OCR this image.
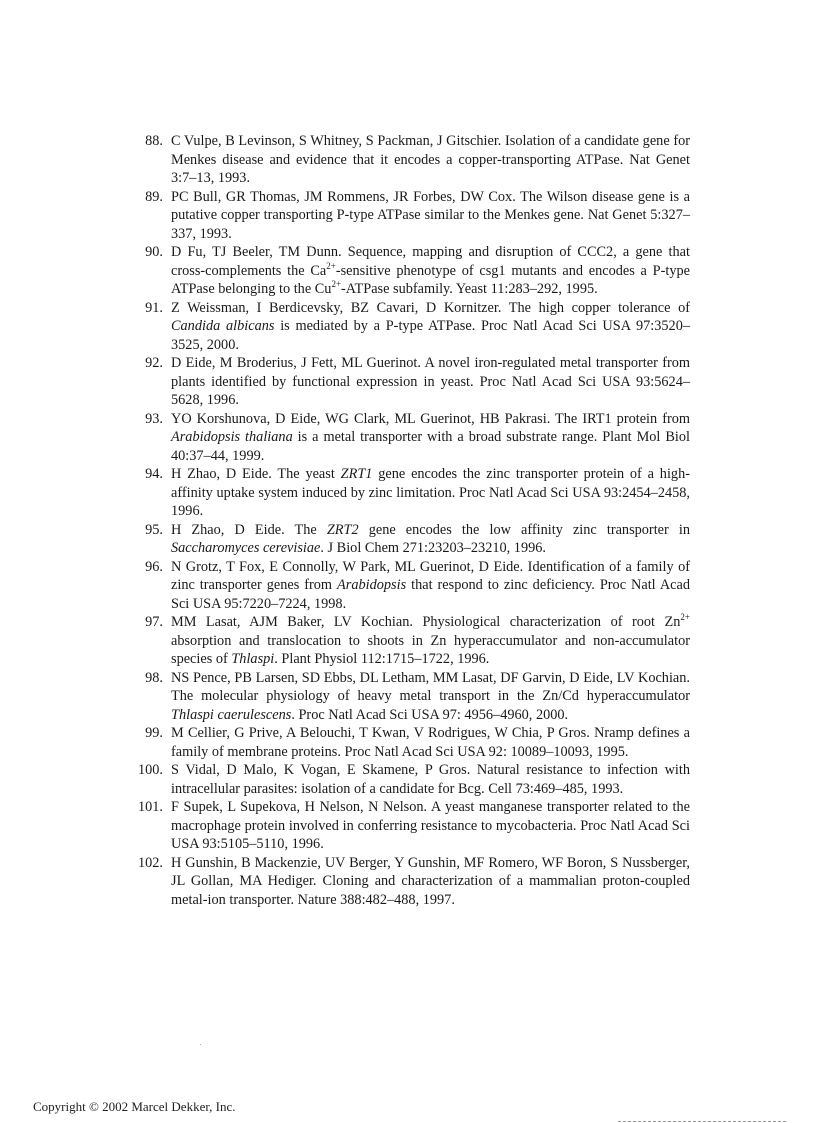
88. C Vulpe, B Levinson, S Whitney, S Packman, J Gitschier. Isolation of a candidate gene for Menkes disease and evidence that it encodes a copper-transporting ATPase. Nat Genet 3:7–13, 1993.
89. PC Bull, GR Thomas, JM Rommens, JR Forbes, DW Cox. The Wilson disease gene is a putative copper transporting P-type ATPase similar to the Menkes gene. Nat Genet 5:327–337, 1993.
90. D Fu, TJ Beeler, TM Dunn. Sequence, mapping and disruption of CCC2, a gene that cross-complements the $Ca^{2+}$-sensitive phenotype of csg1 mutants and encodes a P-type ATPase belonging to the $Cu^{2+}$-ATPase subfamily. Yeast 11:283–292, 1995.
91. Z Weissman, I Berdicevsky, BZ Cavari, D Kornitzer. The high copper tolerance of Candida albicans is mediated by a P-type ATPase. Proc Natl Acad Sci USA 97:3520–3525, 2000.
92. D Eide, M Broderius, J Fett, ML Guerinot. A novel iron-regulated metal transporter from plants identified by functional expression in yeast. Proc Natl Acad Sci USA 93:5624–5628, 1996.
93. YO Korshunova, D Eide, WG Clark, ML Guerinot, HB Pakrasi. The IRT1 protein from Arabidopsis thaliana is a metal transporter with a broad substrate range. Plant Mol Biol 40:37–44, 1999.
94. H Zhao, D Eide. The yeast ZRT1 gene encodes the zinc transporter protein of a high-affinity uptake system induced by zinc limitation. Proc Natl Acad Sci USA 93:2454–2458, 1996.
95. H Zhao, D Eide. The ZRT2 gene encodes the low affinity zinc transporter in Saccharomyces cerevisiae. J Biol Chem 271:23203–23210, 1996.
96. N Grotz, T Fox, E Connolly, W Park, ML Guerinot, D Eide. Identification of a family of zinc transporter genes from Arabidopsis that respond to zinc deficiency. Proc Natl Acad Sci USA 95:7220–7224, 1998.
97. MM Lasat, AJM Baker, LV Kochian. Physiological characterization of root $Zn^{2+}$ absorption and translocation to shoots in Zn hyperaccumulator and non-accumulator species of Thlaspi. Plant Physiol 112:1715–1722, 1996.
98. NS Pence, PB Larsen, SD Ebbs, DL Letham, MM Lasat, DF Garvin, D Eide, LV Kochian. The molecular physiology of heavy metal transport in the Zn/Cd hyperaccumulator Thlaspi caerulescens. Proc Natl Acad Sci USA 97: 4956–4960, 2000.
99. M Cellier, G Prive, A Belouchi, T Kwan, V Rodrigues, W Chia, P Gros. Nramp defines a family of membrane proteins. Proc Natl Acad Sci USA 92: 10089–10093, 1995.
100. S Vidal, D Malo, K Vogan, E Skamene, P Gros. Natural resistance to infection with intracellular parasites: isolation of a candidate for Bcg. Cell 73:469–485, 1993.
101. F Supek, L Supekova, H Nelson, N Nelson. A yeast manganese transporter related to the macrophage protein involved in conferring resistance to mycobacteria. Proc Natl Acad Sci USA 93:5105–5110, 1996.
102. H Gunshin, B Mackenzie, UV Berger, Y Gunshin, MF Romero, WF Boron, S Nussberger, JL Gollan, MA Hediger. Cloning and characterization of a mammalian proton-coupled metal-ion transporter. Nature 388:482–488, 1997.
Copyright © 2002 Marcel Dekker, Inc.
